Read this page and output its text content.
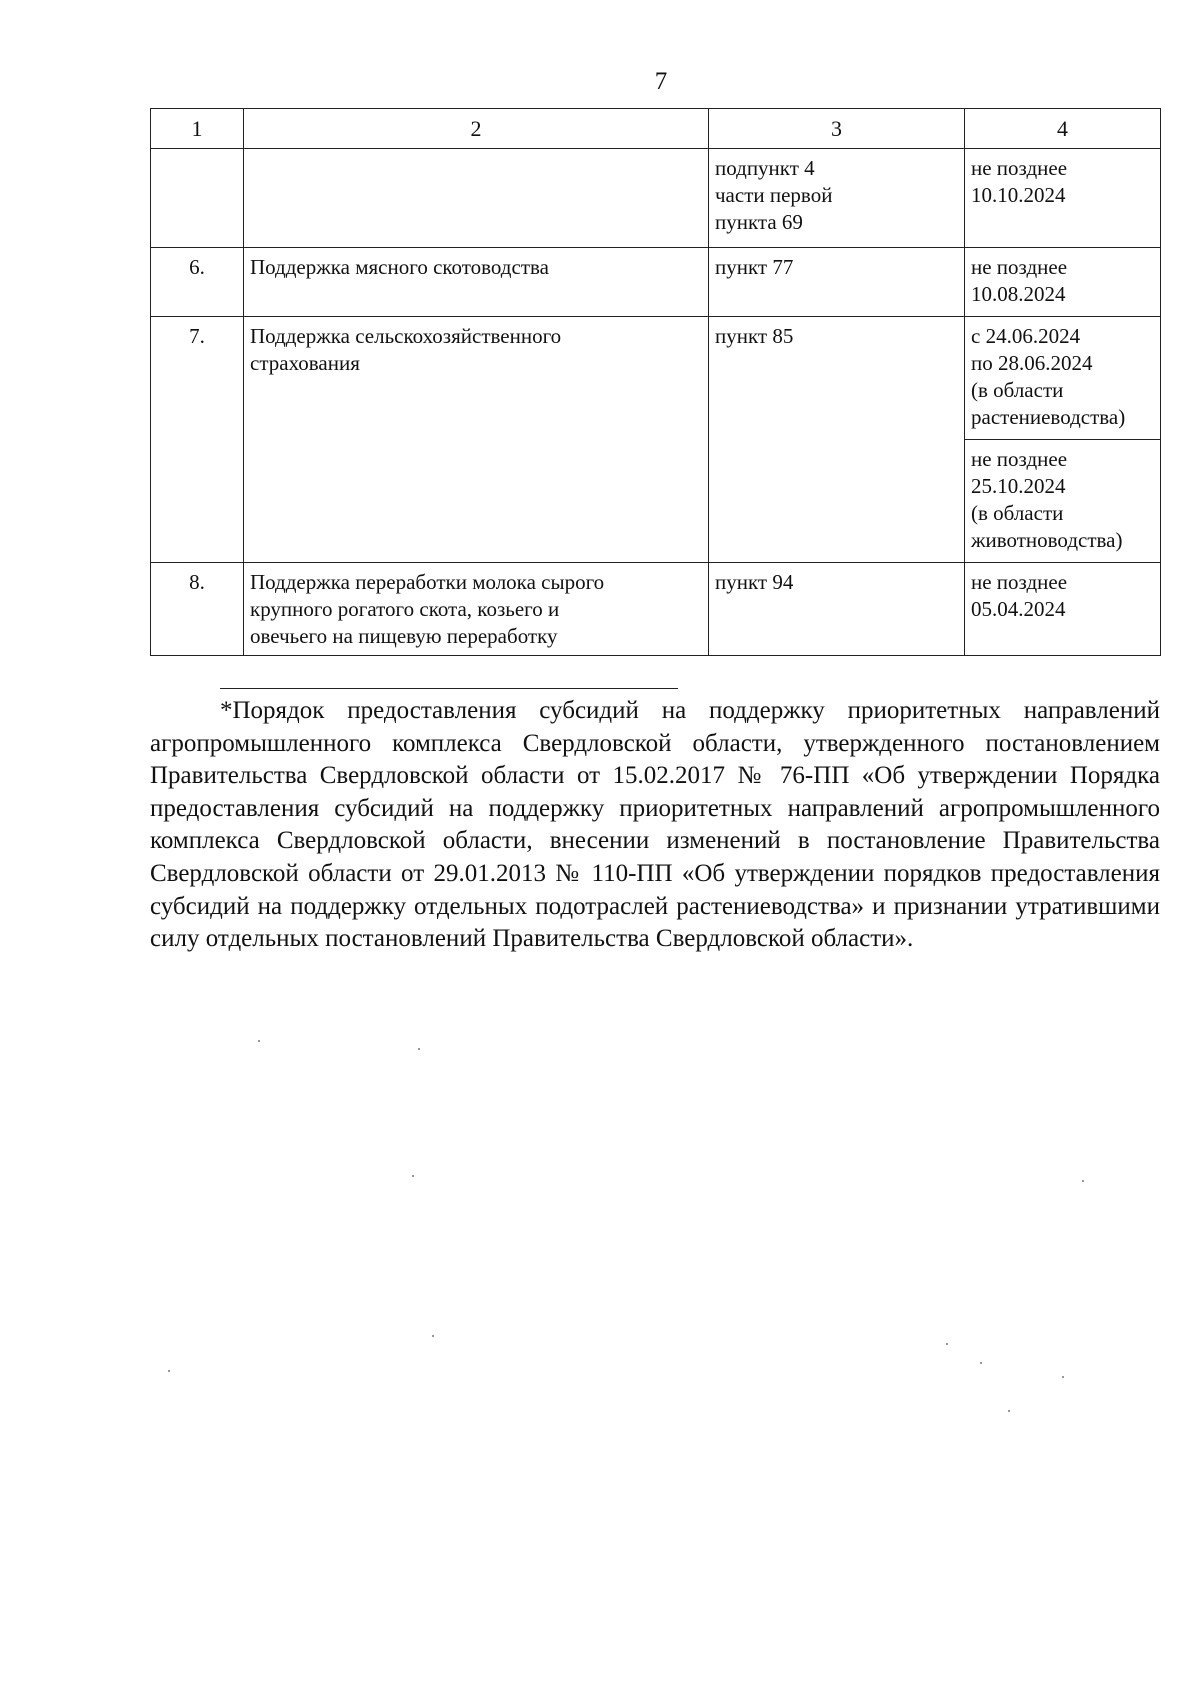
7
1	2	3	4

		подпункт 4
части первой
пункта 69	не позднее
10.10.2024

6.	Поддержка мясного скотоводства	пункт 77	не позднее
10.08.2024

7.	Поддержка сельскохозяйственного
страхования	пункт 85	с 24.06.2024
по 28.06.2024
(в области
растениеводства)

			не позднее
25.10.2024
(в области
животноводства)

8.	Поддержка переработки молока сырого
крупного рогатого скота, козьего и
овечьего на пищевую переработку	пункт 94	не позднее
05.04.2024
*Порядок предоставления субсидий на поддержку приоритетных направлений агропромышленного комплекса Свердловской области, утвержденного постановлением Правительства Свердловской области от 15.02.2017 № 76-ПП «Об утверждении Порядка предоставления субсидий на поддержку приоритетных направлений агропромышленного комплекса Свердловской области, внесении изменений в постановление Правительства Свердловской области от 29.01.2013 № 110-ПП «Об утверждении порядков предоставления субсидий на поддержку отдельных подотраслей растениеводства» и признании утратившими силу отдельных постановлений Правительства Свердловской области».
